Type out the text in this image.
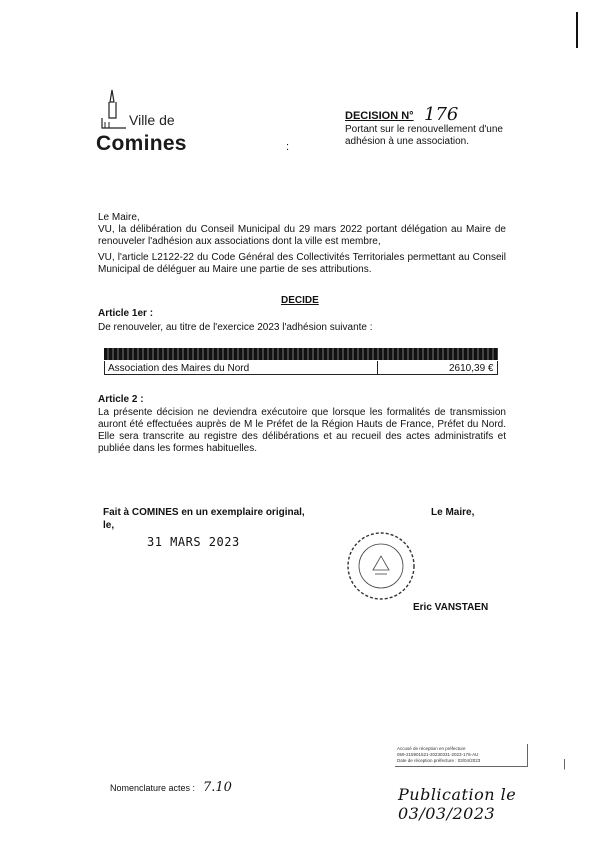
Ville de
Comines	:
DECISION N° 176
Portant sur le renouvellement d'une adhésion à une association.
Le Maire,
VU, la délibération du Conseil Municipal du 29 mars 2022 portant délégation au Maire de renouveler l'adhésion aux associations dont la ville est membre,
VU, l'article L2122-22 du Code Général des Collectivités Territoriales permettant au Conseil Municipal de déléguer au Maire une partie de ses attributions.
DECIDE
Article 1er :
De renouveler, au titre de l'exercice 2023 l'adhésion suivante :
Association des Maires du Nord	2610,39 €
Article 2 :
La présente décision ne deviendra exécutoire que lorsque les formalités de transmission auront été effectuées auprès de M le Préfet de la Région Hauts de France, Préfet du Nord. Elle sera transcrite au registre des délibérations et au recueil des actes administratifs et publiée dans les formes habituelles.
Fait à COMINES en un exemplaire original,
le,
31 MARS 2023
Le Maire,
Eric VANSTAEN
Accusé de réception en préfecture
059-215901521-20230331-2023-176-AU
Date de réception préfecture : 03/04/2023	|
Nomenclature actes : 7.10	Publication le 03/03/2023
